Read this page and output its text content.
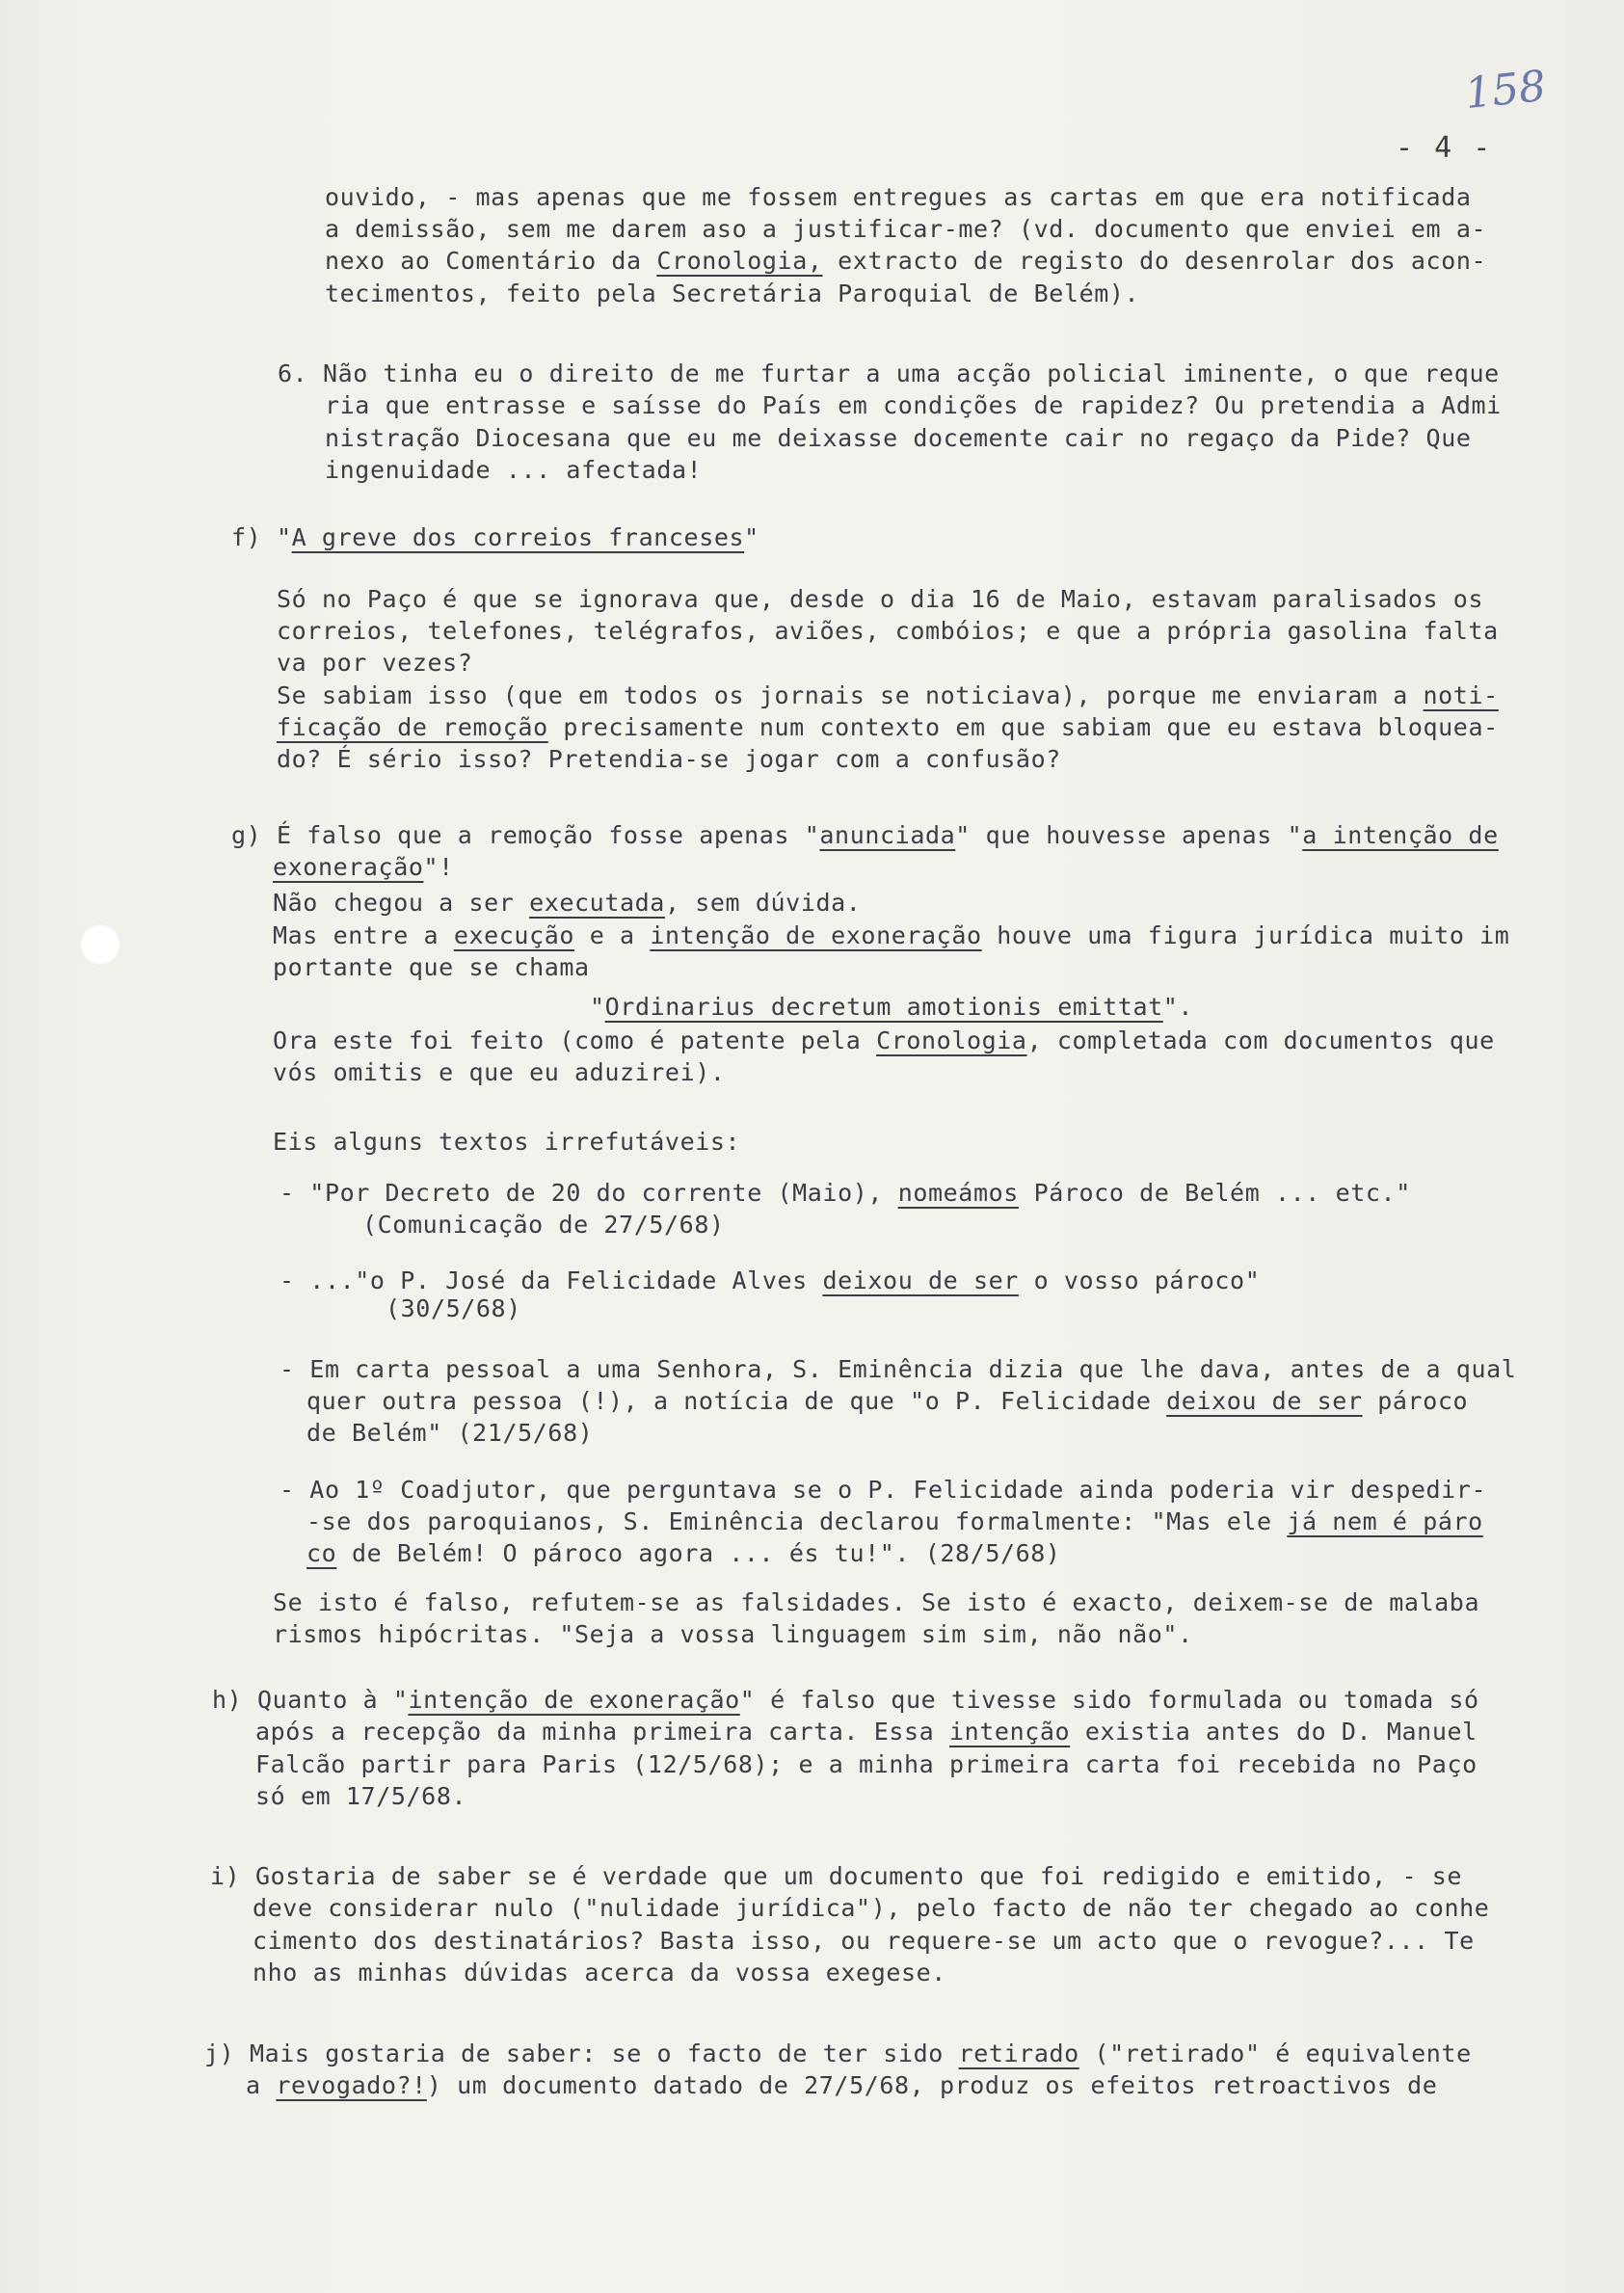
158
- 4 -
ouvido, - mas apenas que me fossem entregues as cartas em que era notificada
a demissão, sem me darem aso a justificar-me? (vd. documento que enviei em a-
nexo ao Comentário da Cronologia, extracto de registo do desenrolar dos acon-
tecimentos, feito pela Secretária Paroquial de Belém).
6. Não tinha eu o direito de me furtar a uma acção policial iminente, o que reque
ria que entrasse e saísse do País em condições de rapidez? Ou pretendia a Admi
nistração Diocesana que eu me deixasse docemente cair no regaço da Pide? Que
ingenuidade ... afectada!
f) "A greve dos correios franceses"
Só no Paço é que se ignorava que, desde o dia 16 de Maio, estavam paralisados os
correios, telefones, telégrafos, aviões, combóios; e que a própria gasolina falta
va por vezes?
Se sabiam isso (que em todos os jornais se noticiava), porque me enviaram a noti-
ficação de remoção precisamente num contexto em que sabiam que eu estava bloquea-
do? É sério isso? Pretendia-se jogar com a confusão?
g) É falso que a remoção fosse apenas "anunciada" que houvesse apenas "a intenção de
exoneração"!
Não chegou a ser executada, sem dúvida.
Mas entre a execução e a intenção de exoneração houve uma figura jurídica muito im
portante que se chama
"Ordinarius decretum amotionis emittat".
Ora este foi feito (como é patente pela Cronologia, completada com documentos que
vós omitis e que eu aduzirei).
Eis alguns textos irrefutáveis:
- "Por Decreto de 20 do corrente (Maio), nomeámos Pároco de Belém ... etc."
(Comunicação de 27/5/68)
- ..."o P. José da Felicidade Alves deixou de ser o vosso pároco"
(30/5/68)
- Em carta pessoal a uma Senhora, S. Eminência dizia que lhe dava, antes de a qual
quer outra pessoa (!), a notícia de que "o P. Felicidade deixou de ser pároco
de Belém" (21/5/68)
- Ao 1º Coadjutor, que perguntava se o P. Felicidade ainda poderia vir despedir-
-se dos paroquianos, S. Eminência declarou formalmente: "Mas ele já nem é páro
co de Belém! O pároco agora ... és tu!". (28/5/68)
Se isto é falso, refutem-se as falsidades. Se isto é exacto, deixem-se de malaba
rismos hipócritas. "Seja a vossa linguagem sim sim, não não".
h) Quanto à "intenção de exoneração" é falso que tivesse sido formulada ou tomada só
após a recepção da minha primeira carta. Essa intenção existia antes do D. Manuel
Falcão partir para Paris (12/5/68); e a minha primeira carta foi recebida no Paço
só em 17/5/68.
i) Gostaria de saber se é verdade que um documento que foi redigido e emitido, - se
deve considerar nulo ("nulidade jurídica"), pelo facto de não ter chegado ao conhe
cimento dos destinatários? Basta isso, ou requere-se um acto que o revogue?... Te
nho as minhas dúvidas acerca da vossa exegese.
j) Mais gostaria de saber: se o facto de ter sido retirado ("retirado" é equivalente
a revogado?!) um documento datado de 27/5/68, produz os efeitos retroactivos de
